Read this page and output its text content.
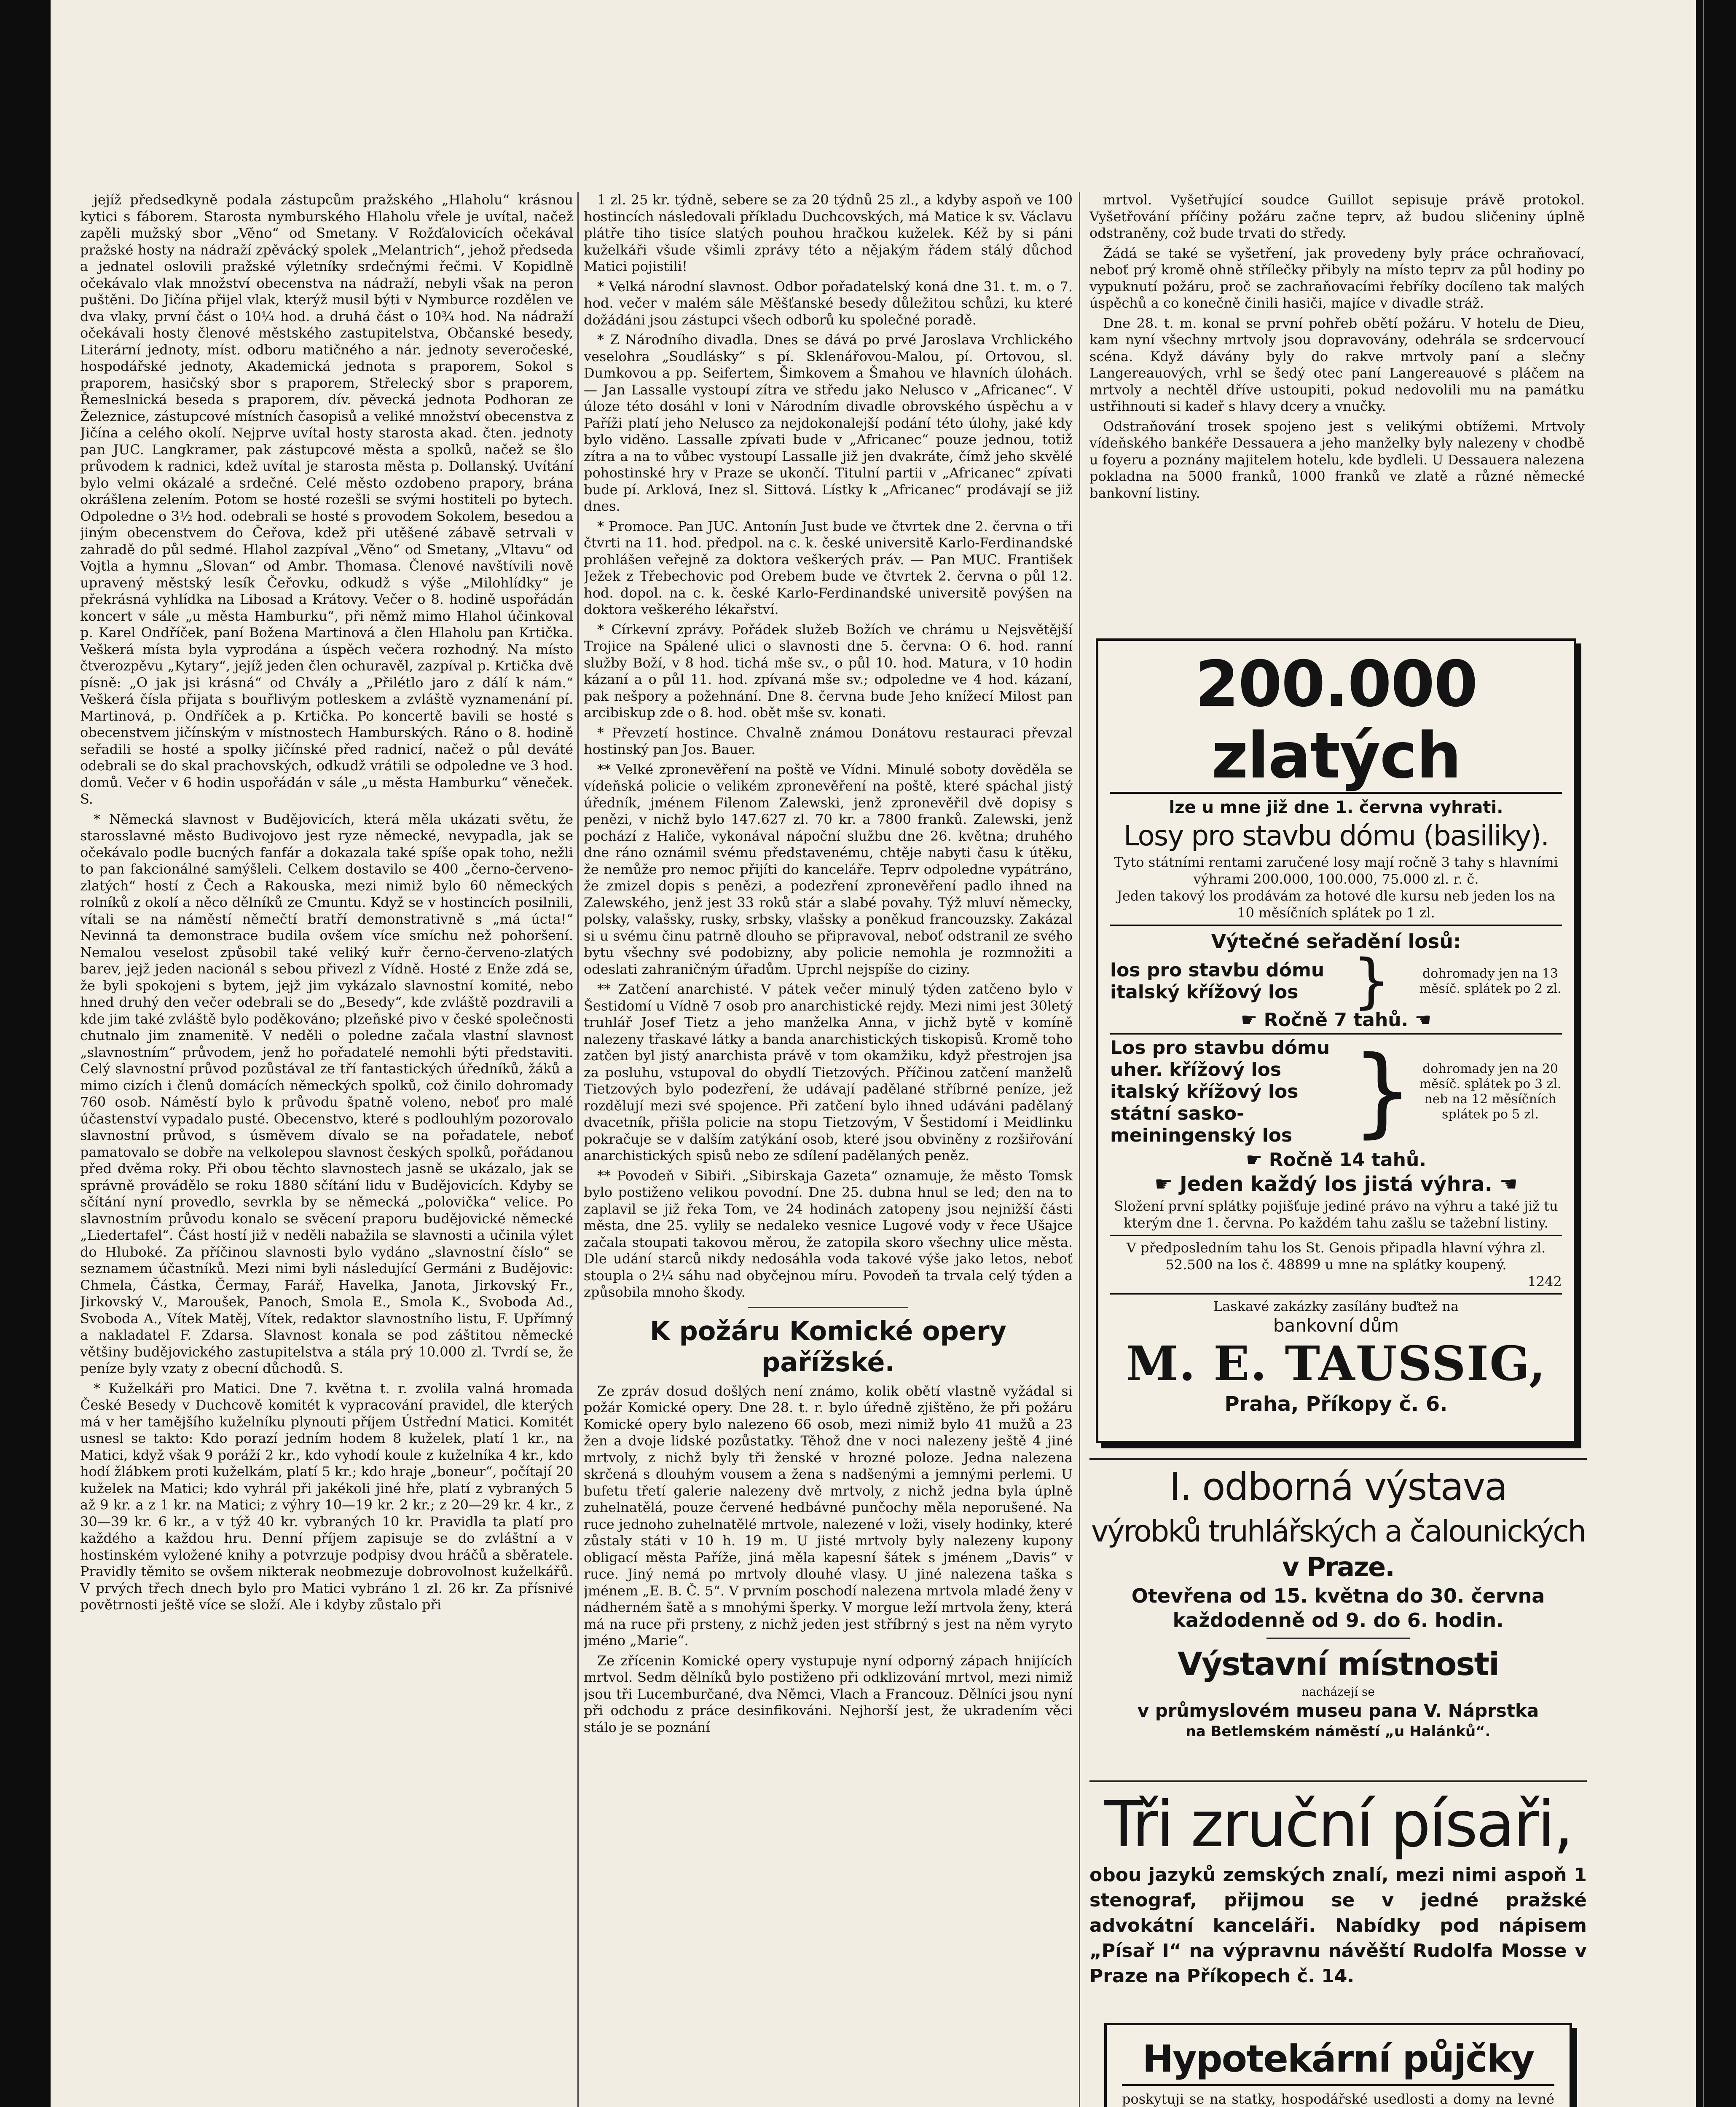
jejíž předsedkyně podala zástupcům pražského „Hlaholu“ krásnou kytici s fáborem. Starosta nymburského Hlaholu vřele je uvítal, načež zapěli mužský sbor „Věno“ od Smetany. V Rožďalovicích očekával pražské hosty na nádraží zpěvácký spolek „Melantrich“, jehož předseda a jednatel oslovili pražské výletníky srdečnými řečmi. V Kopidlně očekávalo vlak množství obecenstva na nádraží, nebyli však na peron puštěni. Do Jičína přijel vlak, kterýž musil býti v Nymburce rozdělen ve dva vlaky, první část o 10¼ hod. a druhá část o 10¾ hod. Na nádraží očekávali hosty členové městského zastupitelstva, Občanské besedy, Literární jednoty, míst. odboru matičného a nár. jednoty severočeské, hospodářské jednoty, Akademická jednota s praporem, Sokol s praporem, hasičský sbor s praporem, Střelecký sbor s praporem, Řemeslnická beseda s praporem, dív. pěvecká jednota Podhoran ze Železnice, zástupcové místních časopisů a veliké množství obecenstva z Jičína a celého okolí. Nejprve uvítal hosty starosta akad. čten. jednoty pan JUC. Langkramer, pak zástupcové města a spolků, načež se šlo průvodem k radnici, kdež uvítal je starosta města p. Dollanský. Uvítání bylo velmi okázalé a srdečné. Celé město ozdobeno prapory, brána okrášlena zelením. Potom se hosté rozešli se svými hostiteli po bytech. Odpoledne o 3½ hod. odebrali se hosté s provodem Sokolem, besedou a jiným obecenstvem do Čeřova, kdež při utěšené zábavě setrvali v zahradě do půl sedmé. Hlahol zazpíval „Věno“ od Smetany, „Vltavu“ od Vojtla a hymnu „Slovan“ od Ambr. Thomasa. Členové navštívili nově upravený městský lesík Čeřovku, odkudž s výše „Milohlídky“ je překrásná vyhlídka na Libosad a Krátovy. Večer o 8. hodině uspořádán koncert v sále „u města Hamburku“, při němž mimo Hlahol účinkoval p. Karel Ondříček, paní Božena Martinová a člen Hlaholu pan Krtička. Veškerá místa byla vyprodána a úspěch večera rozhodný. Na místo čtverozpěvu „Kytary“, jejíž jeden člen ochuravěl, zazpíval p. Krtička dvě písně: „O jak jsi krásná“ od Chvály a „Přilétlo jaro z dálí k nám.“ Veškerá čísla přijata s bouřlivým potleskem a zvláště vyznamenání pí. Martinová, p. Ondříček a p. Krtička. Po koncertě bavili se hosté s obecenstvem jičínským v místnostech Hamburských. Ráno o 8. hodině seřadili se hosté a spolky jičínské před radnicí, načež o půl deváté odebrali se do skal prachovských, odkudž vrátili se odpoledne ve 3 hod. domů. Večer v 6 hodin uspořádán v sále „u města Hamburku“ věneček. S.

* Německá slavnost v Budějovicích, která měla ukázati světu, že starosslavné město Budivojovo jest ryze německé, nevypadla, jak se očekávalo podle bucných fanfár a dokazala také spíše opak toho, nežli to pan fakcionálné samýšleli. Celkem dostavilo se 400 „černo-červeno-zlatých“ hostí z Čech a Rakouska, mezi nimiž bylo 60 německých rolníků z okolí a něco dělníků ze Cmuntu. Když se v hostincích posilnili, vítali se na náměstí němečtí bratří demonstrativně s „má úcta!“ Nevinná ta demonstrace budila ovšem více smíchu než pohoršení. Nemalou veselost způsobil také veliký kuřr černo-červeno-zlatých barev, jejž jeden nacionál s sebou přivezl z Vídně. Hosté z Enže zdá se, že byli spokojeni s bytem, jejž jim vykázalo slavnostní komité, nebo hned druhý den večer odebrali se do „Besedy“, kde zvláště pozdravili a kde jim také zvláště bylo poděkováno; plzeňské pivo v české společnosti chutnalo jim znamenitě. V neděli o poledne začala vlastní slavnost „slavnostním“ průvodem, jenž ho pořadatelé nemohli býti představiti. Celý slavnostní průvod pozůstával ze tří fantastických úředníků, žáků a mimo cizích i členů domácích německých spolků, což činilo dohromady 760 osob. Náměstí bylo k průvodu špatně voleno, neboť pro malé účastenství vypadalo pusté. Obecenstvo, které s podlouhlým pozorovalo slavnostní průvod, s úsměvem dívalo se na pořadatele, neboť pamatovalo se dobře na velkolepou slavnost českých spolků, pořádanou před dvěma roky. Při obou těchto slavnostech jasně se ukázalo, jak se správně provádělo se roku 1880 sčítání lidu v Budějovicích. Kdyby se sčítání nyní provedlo, sevrkla by se německá „polovička“ velice. Po slavnostním průvodu konalo se svěcení praporu budějovické německé „Liedertafel“. Část hostí již v neděli nabažila se slavnosti a učinila výlet do Hluboké. Za příčinou slavnosti bylo vydáno „slavnostní číslo“ se seznamem účastníků. Mezi nimi byli následující Germáni z Budějovic: Chmela, Částka, Čermay, Farář, Havelka, Janota, Jirkovský Fr., Jirkovský V., Maroušek, Panoch, Smola E., Smola K., Svoboda Ad., Svoboda A., Vítek Matěj, Vítek, redaktor slavnostního listu, F. Upřímný a nakladatel F. Zdarsa. Slavnost konala se pod záštitou německé většiny budějovického zastupitelstva a stála prý 10.000 zl. Tvrdí se, že peníze byly vzaty z obecní důchodů. S.

* Kuželkáři pro Matici. Dne 7. května t. r. zvolila valná hromada České Besedy v Duchcově komitét k vypracování pravidel, dle kterých má v her tamějšího kuželníku plynouti příjem Ústřední Matici. Komitét usnesl se takto: Kdo porazí jedním hodem 8 kuželek, platí 1 kr., na Matici, když však 9 poráží 2 kr., kdo vyhodí koule z kuželníka 4 kr., kdo hodí žlábkem proti kuželkám, platí 5 kr.; kdo hraje „boneur“, počítají 20 kuželek na Matici; kdo vyhrál při jakékoli jiné hře, platí z vybraných 5 až 9 kr. a z 1 kr. na Matici; z výhry 10—19 kr. 2 kr.; z 20—29 kr. 4 kr., z 30—39 kr. 6 kr., a v týž 40 kr. vybraných 10 kr. Pravidla ta platí pro každého a každou hru. Denní příjem zapisuje se do zvláštní a v hostinském vyložené knihy a potvrzuje podpisy dvou hráčů a sběratele. Pravidly těmito se ovšem nikterak neobmezuje dobrovolnost kuželkářů. V prvých třech dnech bylo pro Matici vybráno 1 zl. 26 kr. Za přísnivé povětrnosti ještě více se složí. Ale i kdyby zůstalo při

1 zl. 25 kr. týdně, sebere se za 20 týdnů 25 zl., a kdyby aspoň ve 100 hostincích následovali příkladu Duchcovských, má Matice k sv. Václavu plátře tiho tisíce slatých pouhou hračkou kuželek. Kéž by si páni kuželkáři všude všimli zprávy této a nějakým řádem stálý důchod Matici pojistili!

* Velká národní slavnost. Odbor pořadatelský koná dne 31. t. m. o 7. hod. večer v malém sále Měšťanské besedy důležitou schůzi, ku které dožádáni jsou zástupci všech odborů ku společné poradě.

* Z Národního divadla. Dnes se dává po prvé Jaroslava Vrchlického veselohra „Soudlásky“ s pí. Sklenářovou-Malou, pí. Ortovou, sl. Dumkovou a pp. Seifertem, Šimkovem a Šmahou ve hlavních úlohách. — Jan Lassalle vystoupí zítra ve středu jako Nelusco v „Africanec“. V úloze této dosáhl v loni v Národním divadle obrovského úspěchu a v Paříži platí jeho Nelusco za nejdokonalejší podání této úlohy, jaké kdy bylo viděno. Lassalle zpívati bude v „Africanec“ pouze jednou, totiž zítra a na to vůbec vystoupí Lassalle již jen dvakráte, čímž jeho skvělé pohostinské hry v Praze se ukončí. Titulní partii v „Africanec“ zpívati bude pí. Arklová, Inez sl. Sittová. Lístky k „Africanec“ prodávají se již dnes.

* Promoce. Pan JUC. Antonín Just bude ve čtvrtek dne 2. června o tři čtvrti na 11. hod. předpol. na c. k. české universitě Karlo-Ferdinandské prohlášen veřejně za doktora veškerých práv. — Pan MUC. František Ježek z Třebechovic pod Orebem bude ve čtvrtek 2. června o půl 12. hod. dopol. na c. k. české Karlo-Ferdinandské universitě povýšen na doktora veškerého lékařství.

* Církevní zprávy. Pořádek služeb Božích ve chrámu u Nejsvětější Trojice na Spálené ulici o slavnosti dne 5. června: O 6. hod. ranní služby Boží, v 8 hod. tichá mše sv., o půl 10. hod. Matura, v 10 hodin kázaní a o půl 11. hod. zpívaná mše sv.; odpoledne ve 4 hod. kázaní, pak nešpory a požehnání. Dne 8. června bude Jeho knížecí Milost pan arcibiskup zde o 8. hod. obět mše sv. konati.

* Převzetí hostince. Chvalně známou Donátovu restauraci převzal hostinský pan Jos. Bauer.

** Velké zpronevěření na poště ve Vídni. Minulé soboty dověděla se vídeňská policie o velikém zpronevěření na poště, které spáchal jistý úředník, jménem Filenom Zalewski, jenž zpronevěřil dvě dopisy s penězi, v nichž bylo 147.627 zl. 70 kr. a 7800 franků. Zalewski, jenž pochází z Haliče, vykonával nápoční službu dne 26. května; druhého dne ráno oznámil svému představenému, chtěje nabyti času k útěku, že nemůže pro nemoc přijíti do kanceláře. Teprv odpoledne vypátráno, že zmizel dopis s penězi, a podezření zpronevěření padlo ihned na Zalewského, jenž jest 33 roků stár a slabé povahy. Týž mluví německy, polsky, valašsky, rusky, srbsky, vlašsky a poněkud francouzsky. Zakázal si u svému činu patrně dlouho se připravoval, neboť odstranil ze svého bytu všechny své podobizny, aby policie nemohla je rozmnožiti a odeslati zahraničným úřadům. Uprchl nejspíše do ciziny.

** Zatčení anarchisté. V pátek večer minulý týden zatčeno bylo v Šestidomí u Vídně 7 osob pro anarchistické rejdy. Mezi nimi jest 30letý truhlář Josef Tietz a jeho manželka Anna, v jichž bytě v komíně nalezeny třaskavé látky a banda anarchistických tiskopisů. Kromě toho zatčen byl jistý anarchista právě v tom okamžiku, když přestrojen jsa za posluhu, vstupoval do obydlí Tietzových. Příčinou zatčení manželů Tietzových bylo podezření, že udávají padělané stříbrné peníze, jež rozdělují mezi své spojence. Při zatčení bylo ihned udáváni padělaný dvacetník, přišla policie na stopu Tietzovým, V Šestidomí i Meidlinku pokračuje se v dalším zatýkání osob, které jsou obviněny z rozšiřování anarchistických spisů nebo ze sdílení padělaných peněz.

** Povodeň v Sibiři. „Sibirskaja Gazeta“ oznamuje, že město Tomsk bylo postiženo velikou povodní. Dne 25. dubna hnul se led; den na to zaplavil se již řeka Tom, ve 24 hodinách zatopeny jsou nejnižší části města, dne 25. vylily se nedaleko vesnice Lugové vody v řece Ušajce začala stoupati takovou měrou, že zatopila skoro všechny ulice města. Dle udání starců nikdy nedosáhla voda takové výše jako letos, neboť stoupla o 2¼ sáhu nad obyčejnou míru. Povodeň ta trvala celý týden a způsobila mnoho škody.

K požáru Komické opery pařížské.

Ze zpráv dosud došlých není známo, kolik obětí vlastně vyžádal si požár Komické opery. Dne 28. t. r. bylo úředně zjištěno, že při požáru Komické opery bylo nalezeno 66 osob, mezi nimiž bylo 41 mužů a 23 žen a dvoje lidské pozůstatky. Těhož dne v noci nalezeny ještě 4 jiné mrtvoly, z nichž byly tři ženské v hrozné poloze. Jedna nalezena skrčená s dlouhým vousem a žena s nadšenými a jemnými perlemi. U bufetu třetí galerie nalezeny dvě mrtvoly, z nichž jedna byla úplně zuhelnatělá, pouze červené hedbávné punčochy měla neporušené. Na ruce jednoho zuhelnatělé mrtvole, nalezené v loži, visely hodinky, které zůstaly státi v 10 h. 19 m. U jisté mrtvoly byly nalezeny kupony obligací města Paříže, jiná měla kapesní šátek s jménem „Davis“ v ruce. Jiný nemá po mrtvoly dlouhé vlasy. U jiné nalezena taška s jménem „E. B. Č. 5“. V prvním poschodí nalezena mrtvola mladé ženy v nádherném šatě a s mnohými šperky. V morgue leží mrtvola ženy, která má na ruce při prsteny, z nichž jeden jest stříbrný s jest na něm vyryto jméno „Marie“.

Ze zřícenin Komické opery vystupuje nyní odporný zápach hnijících mrtvol. Sedm dělníků bylo postiženo při odklizování mrtvol, mezi nimiž jsou tři Lucemburčané, dva Němci, Vlach a Francouz. Dělníci jsou nyní při odchodu z práce desinfikováni. Nejhorší jest, že ukradením věci stálo je se poznání

mrtvol. Vyšetřující soudce Guillot sepisuje právě protokol. Vyšetřování příčiny požáru začne teprv, až budou sličeniny úplně odstraněny, což bude trvati do středy.

Žádá se také se vyšetření, jak provedeny byly práce ochraňovací, neboť prý kromě ohně střílečky přibyly na místo teprv za půl hodiny po vypuknutí požáru, proč se zachraňovacími řebříky docíleno tak malých úspěchů a co konečně činili hasiči, majíce v divadle stráž.

Dne 28. t. m. konal se první pohřeb obětí požáru. V hotelu de Dieu, kam nyní všechny mrtvoly jsou dopravovány, odehrála se srdcervoucí scéna. Když dávány byly do rakve mrtvoly paní a slečny Langereauových, vrhl se šedý otec paní Langereauové s pláčem na mrtvoly a nechtěl dříve ustoupiti, pokud nedovolili mu na památku ustřihnouti si kadeř s hlavy dcery a vnučky.

Odstraňování trosek spojeno jest s velikými obtížemi. Mrtvoly vídeňského bankéře Dessauera a jeho manželky byly nalezeny v chodbě u foyeru a poznány majitelem hotelu, kde bydleli. U Dessauera nalezena pokladna na 5000 franků, 1000 franků ve zlatě a různé německé bankovní listiny.

200.000 zlatých

lze u mne již dne 1. června vyhrati.

Losy pro stavbu dómu (basiliky).

Tyto státními rentami zaručené losy mají ročně 3 tahy s hlavními výhrami 200.000, 100.000, 75.000 zl. r. č.

Jeden takový los prodávám za hotové dle kursu neb jeden los na 10 měsíčních splátek po 1 zl.

Výtečné seřadění losů:
los pro stavbu dómu
italský křížový los }	dohromady jen na 13 měsíč. splátek po 2 zl.
☛ Ročně 7 tahů. ☚
Los pro stavbu dómu
uher. křížový los
italský křížový los
státní sasko-meiningenský los } dohromady jen na 20 měsíč. splátek po 3 zl. neb na 12 měsíčních splátek po 5 zl.
☛ Ročně 14 tahů.
☛ Jeden každý los jistá výhra. ☚

Složení první splátky pojišťuje jediné právo na výhru a také již tu kterým dne 1. června. Po každém tahu zašlu se tažební listiny.

V předposledním tahu los St. Genois připadla hlavní výhra zl. 52.500 na los č. 48899 u mne na splátky koupený.

1242

Laskavé zakázky zasílány buďtež na

bankovní dům

M. E. TAUSSIG,
Praha, Příkopy č. 6.
I. odborná výstava
výrobků truhlářských a čalounických
v Praze.
Otevřena od 15. května do 30. června
každodenně od 9. do 6. hodin.
Výstavní místnosti
nacházejí se
v průmyslovém museu pana V. Náprstka
na Betlemském náměstí „u Halánků“.
Tři zruční písaři,

obou jazyků zemských znalí, mezi nimi aspoň 1 stenograf, přijmou se v jedné pražské advokátní kanceláři. Nabídky pod nápisem „Písař I“ na výpravnu návěští Rudolfa Mosse v Praze na Příkopech č. 14.

Hypotekární půjčky

poskytuji se na statky, hospodářské usedlosti a domy na levné
